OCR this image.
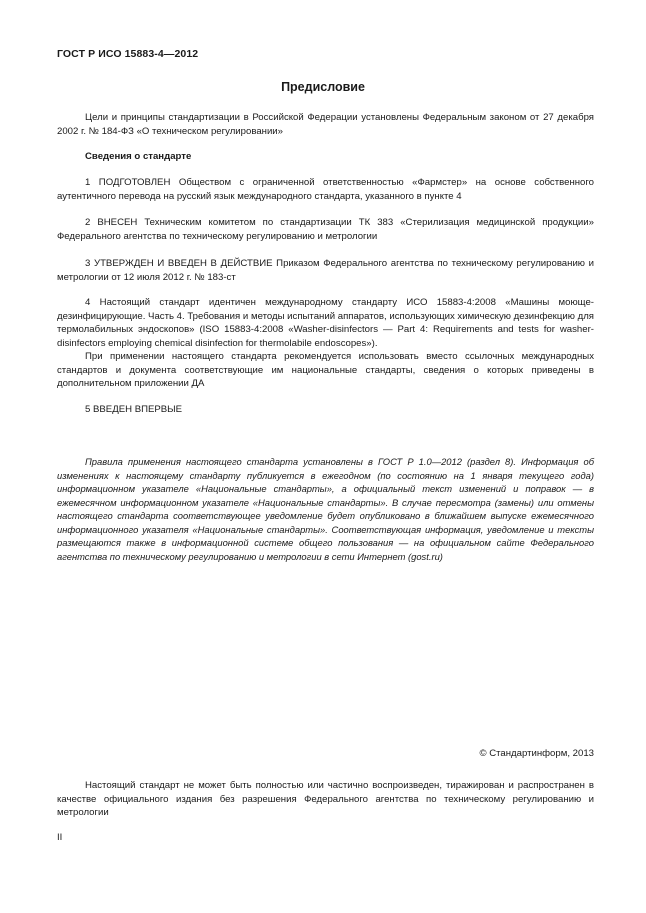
ГОСТ Р ИСО 15883-4—2012
Предисловие

Цели и принципы стандартизации в Российской Федерации установлены Федеральным законом от 27 декабря 2002 г. № 184-ФЗ «О техническом регулировании»

Сведения о стандарте

1 ПОДГОТОВЛЕН Обществом с ограниченной ответственностью «Фармстер» на основе собственного аутентичного перевода на русский язык международного стандарта, указанного в пункте 4

2 ВНЕСЕН Техническим комитетом по стандартизации ТК 383 «Стерилизация медицинской продукции» Федерального агентства по техническому регулированию и метрологии

3 УТВЕРЖДЕН И ВВЕДЕН В ДЕЙСТВИЕ Приказом Федерального агентства по техническому регулированию и метрологии от 12 июля 2012 г. № 183-ст

4 Настоящий стандарт идентичен международному стандарту ИСО 15883-4:2008 «Машины моюще-дезинфицирующие. Часть 4. Требования и методы испытаний аппаратов, использующих химическую дезинфекцию для термолабильных эндоскопов» (ISO 15883-4:2008 «Washer-disinfectors — Part 4: Requirements and tests for washer-disinfectors employing chemical disinfection for thermolabile endoscopes»).

При применении настоящего стандарта рекомендуется использовать вместо ссылочных международных стандартов и документа соответствующие им национальные стандарты, сведения о которых приведены в дополнительном приложении ДА

5 ВВЕДЕН ВПЕРВЫЕ

Правила применения настоящего стандарта установлены в ГОСТ Р 1.0—2012 (раздел 8). Информация об изменениях к настоящему стандарту публикуется в ежегодном (по состоянию на 1 января текущего года) информационном указателе «Национальные стандарты», а официальный текст изменений и поправок — в ежемесячном информационном указателе «Национальные стандарты». В случае пересмотра (замены) или отмены настоящего стандарта соответствующее уведомление будет опубликовано в ближайшем выпуске ежемесячного информационного указателя «Национальные стандарты». Соответствующая информация, уведомление и тексты размещаются также в информационной системе общего пользования — на официальном сайте Федерального агентства по техническому регулированию и метрологии в сети Интернет (gost.ru)

© Стандартинформ, 2013

Настоящий стандарт не может быть полностью или частично воспроизведен, тиражирован и распространен в качестве официального издания без разрешения Федерального агентства по техническому регулированию и метрологии

II
